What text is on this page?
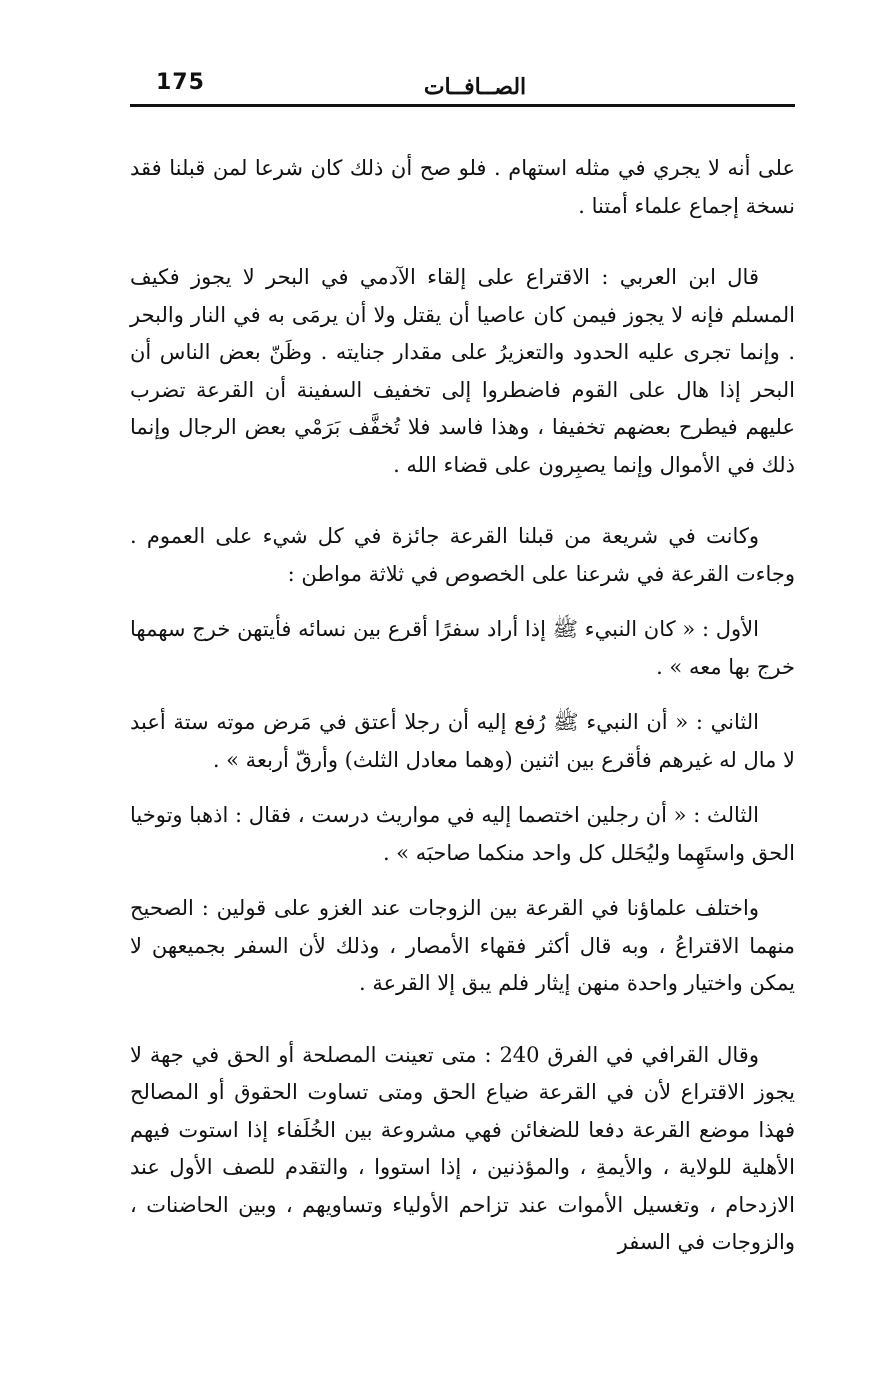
175	الصــافــات

على أنه لا يجري في مثله استهام . فلو صح أن ذلك كان شرعا لمن قبلنا فقد نسخة إجماع علماء أمتنا .

قال ابن العربي : الاقتراع على إلقاء الآدمي في البحر لا يجوز فكيف المسلم فإنه لا يجوز فيمن كان عاصيا أن يقتل ولا أن يرمَى به في النار والبحر . وإنما تجرى عليه الحدود والتعزيرُ على مقدار جنايته . وظَنّ بعض الناس أن البحر إذا هال على القوم فاضطروا إلى تخفيف السفينة أن القرعة تضرب عليهم فيطرح بعضهم تخفيفا ، وهذا فاسد فلا تُخفَّف بَرَمْي بعض الرجال وإنما ذلك في الأموال وإنما يصبِرون على قضاء الله .

وكانت في شريعة من قبلنا القرعة جائزة في كل شيء على العموم . وجاءت القرعة في شرعنا على الخصوص في ثلاثة مواطن :

الأول : « كان النبيء ﷺ إذا أراد سفرًا أقرع بين نسائه فأيتهن خرج سهمها خرج بها معه » .

الثاني : « أن النبيء ﷺ رُفع إليه أن رجلا أعتق في مَرض موته ستة أعبد لا مال له غيرهم فأقرع بين اثنين (وهما معادل الثلث) وأرقّ أربعة » .

الثالث : « أن رجلين اختصما إليه في مواريث درست ، فقال : اذهبا وتوخيا الحق واستَهِما وليُحَلل كل واحد منكما صاحبَه » .

واختلف علماؤنا في القرعة بين الزوجات عند الغزو على قولين : الصحيح منهما الاقتراعُ ، وبه قال أكثر فقهاء الأمصار ، وذلك لأن السفر بجميعهن لا يمكن واختيار واحدة منهن إيثار فلم يبق إلا القرعة .

وقال القرافي في الفرق 240 : متى تعينت المصلحة أو الحق في جهة لا يجوز الاقتراع لأن في القرعة ضياع الحق ومتى تساوت الحقوق أو المصالح فهذا موضع القرعة دفعا للضغائن فهي مشروعة بين الخُلَفاء إذا استوت فيهم الأهلية للولاية ، والأيمةِ ، والمؤذنين ، إذا استووا ، والتقدم للصف الأول عند الازدحام ، وتغسيل الأموات عند تزاحم الأولياء وتساويهم ، وبين الحاضنات ، والزوجات في السفر
